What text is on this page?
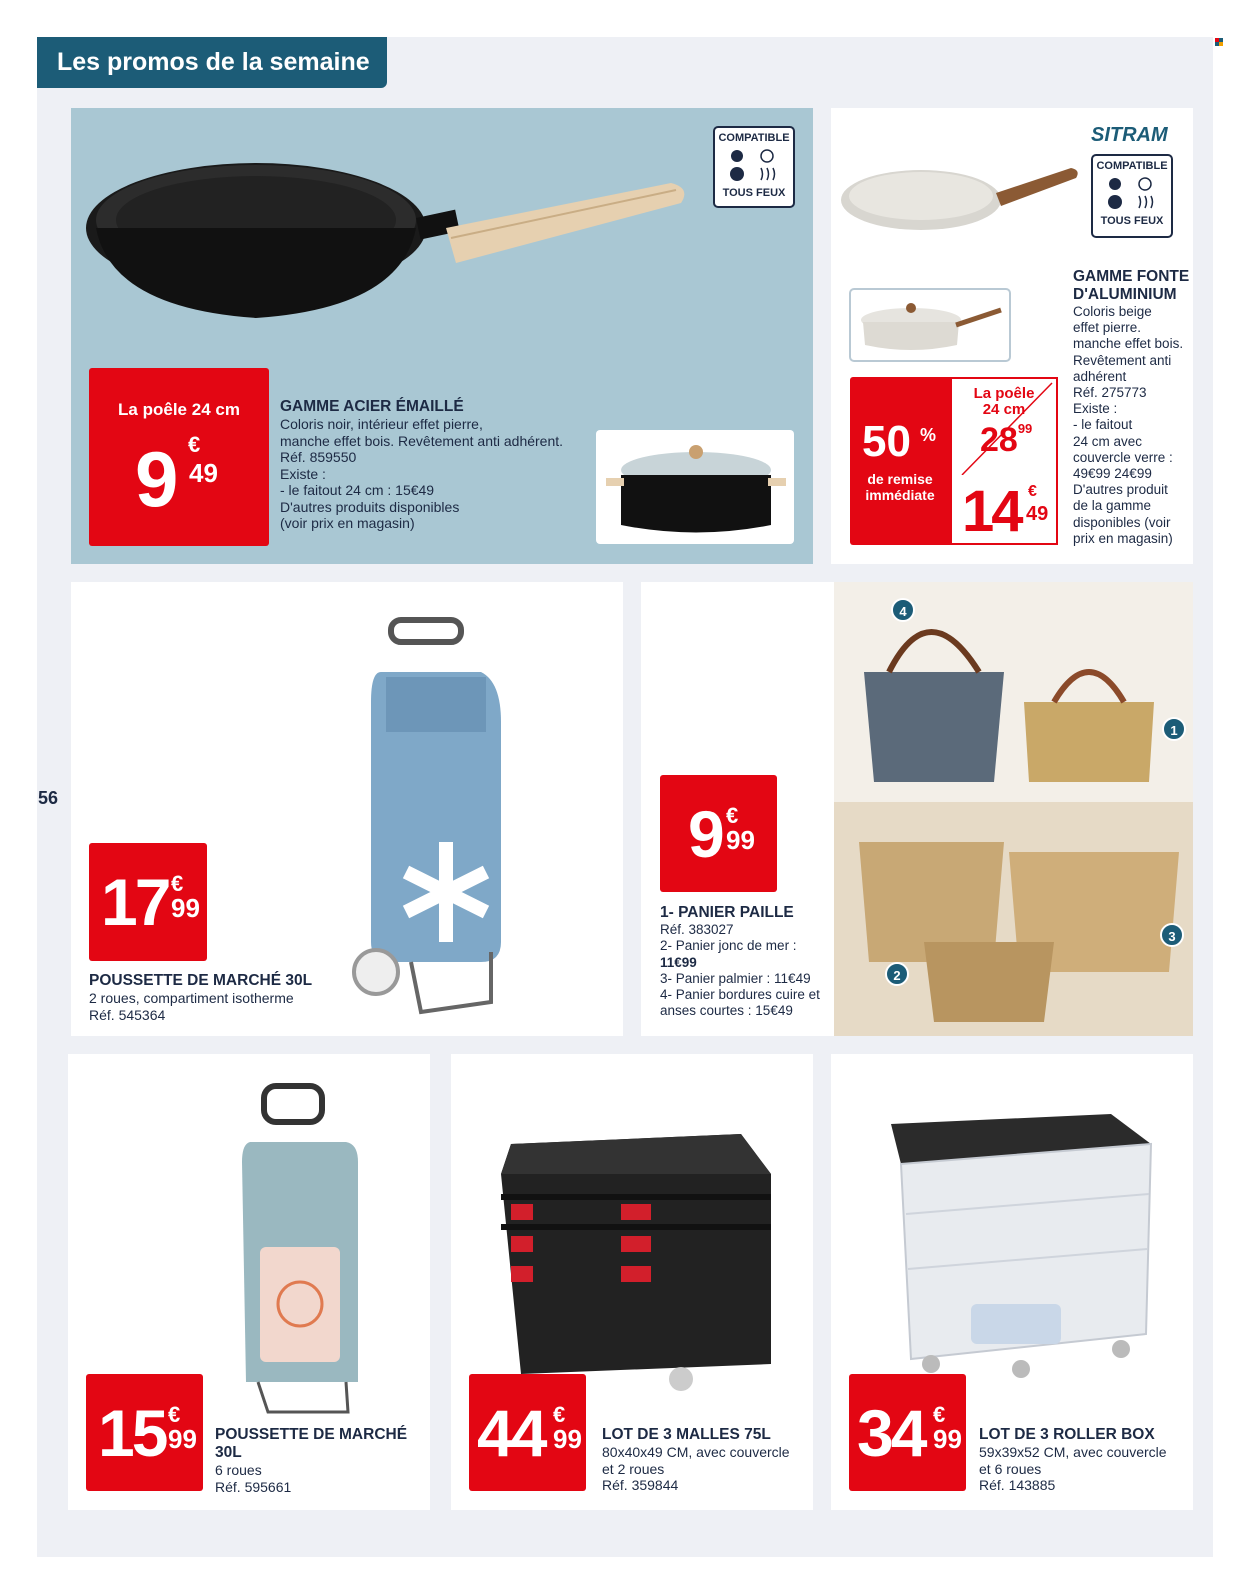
Les promos de la semaine
56
COMPATIBLE
TOUS FEUX
La poêle 24 cm
9 €
49
GAMME ACIER ÉMAILLÉ
Coloris noir, intérieur effet pierre,
manche effet bois. Revêtement anti adhérent.
Réf. 859550
Existe :
- le faitout 24 cm : 15€49
D'autres produits disponibles
(voir prix en magasin)
SITRAM
COMPATIBLE
TOUS FEUX
GAMME FONTE
D'ALUMINIUM
Coloris beige
effet pierre.
manche effet bois.
Revêtement anti
adhérent
Réf. 275773
Existe :
- le faitout
24 cm avec
couvercle verre :
49€99 24€99
D'autres produit
de la gamme
disponibles (voir
prix en magasin)
50 %
de remise
immédiate
La poêle
24 cm
$28^{99}$
14 €
49
17 €
99
POUSSETTE DE MARCHÉ 30L
2 roues, compartiment isotherme
Réf. 545364
4
1
3
2
9 €
99
1- PANIER PAILLE
Réf. 383027
2- Panier jonc de mer :
11€99
3- Panier palmier : 11€49
4- Panier bordures cuire et
anses courtes : 15€49
15 €
99 POUSSETTE DE MARCHÉ
30L
6 roues
Réf. 595661
44 €
99 LOT DE 3 MALLES 75L
80x40x49 CM, avec couvercle
et 2 roues
Réf. 359844
34 €
99 LOT DE 3 ROLLER BOX
59x39x52 CM, avec couvercle
et 6 roues
Réf. 143885
